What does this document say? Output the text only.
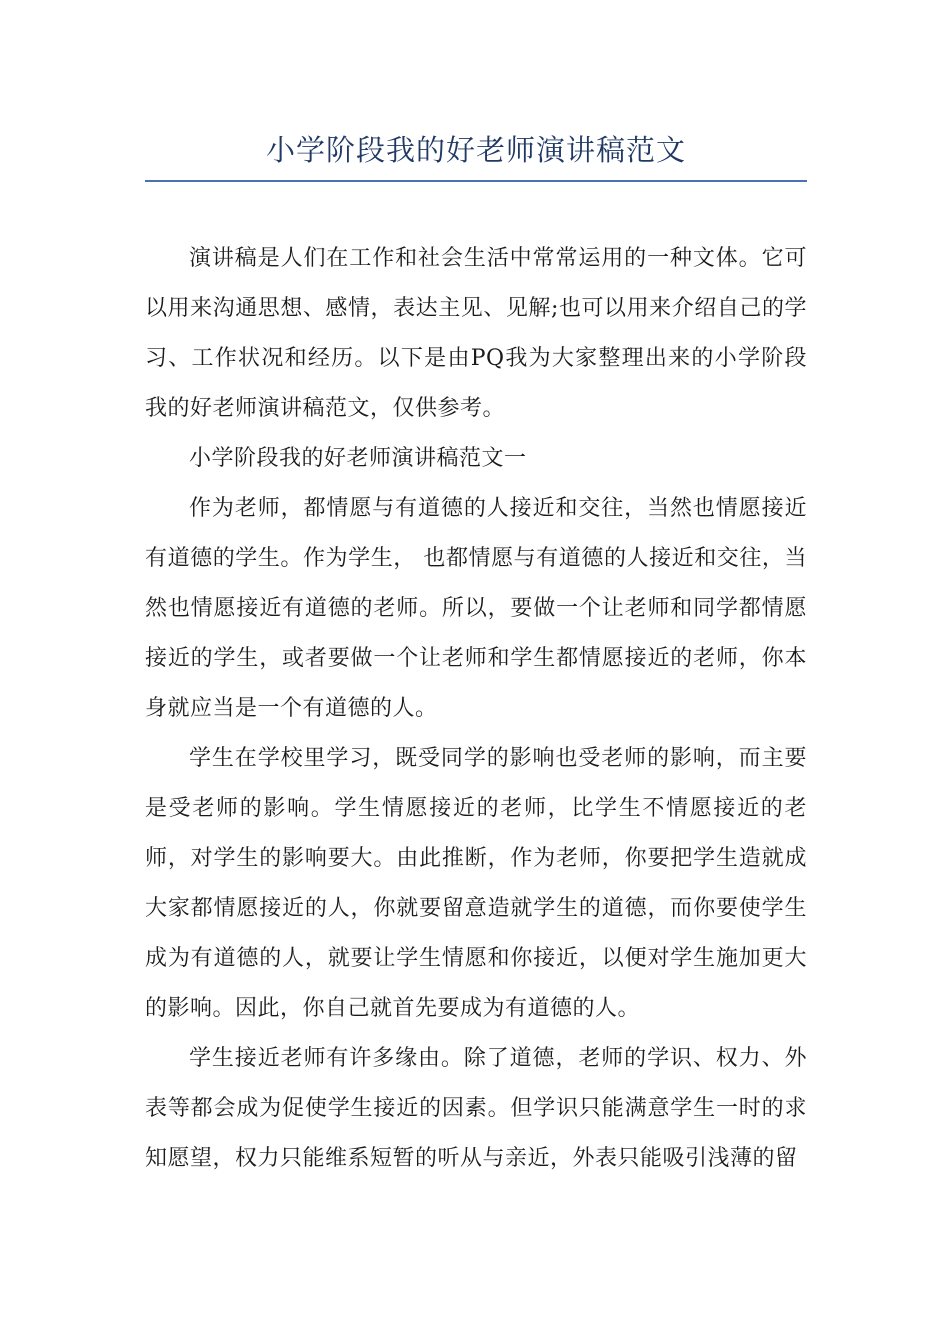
小学阶段我的好老师演讲稿范文

演讲稿是人们在工作和社会生活中常常运用的一种文体。它可以用来沟通思想、感情，表达主见、见解;也可以用来介绍自己的学习、工作状况和经历。以下是由PQ我为大家整理出来的小学阶段我的好老师演讲稿范文，仅供参考。

小学阶段我的好老师演讲稿范文一

作为老师，都情愿与有道德的人接近和交往，当然也情愿接近有道德的学生。作为学生， 也都情愿与有道德的人接近和交往，当然也情愿接近有道德的老师。所以，要做一个让老师和同学都情愿接近的学生，或者要做一个让老师和学生都情愿接近的老师，你本身就应当是一个有道德的人。

学生在学校里学习，既受同学的影响也受老师的影响，而主要是受老师的影响。学生情愿接近的老师，比学生不情愿接近的老师，对学生的影响要大。由此推断，作为老师，你要把学生造就成大家都情愿接近的人，你就要留意造就学生的道德，而你要使学生成为有道德的人，就要让学生情愿和你接近，以便对学生施加更大的影响。因此，你自己就首先要成为有道德的人。

学生接近老师有许多缘由。除了道德，老师的学识、权力、外表等都会成为促使学生接近的因素。但学识只能满意学生一时的求知愿望，权力只能维系短暂的听从与亲近，外表只能吸引浅薄的留
